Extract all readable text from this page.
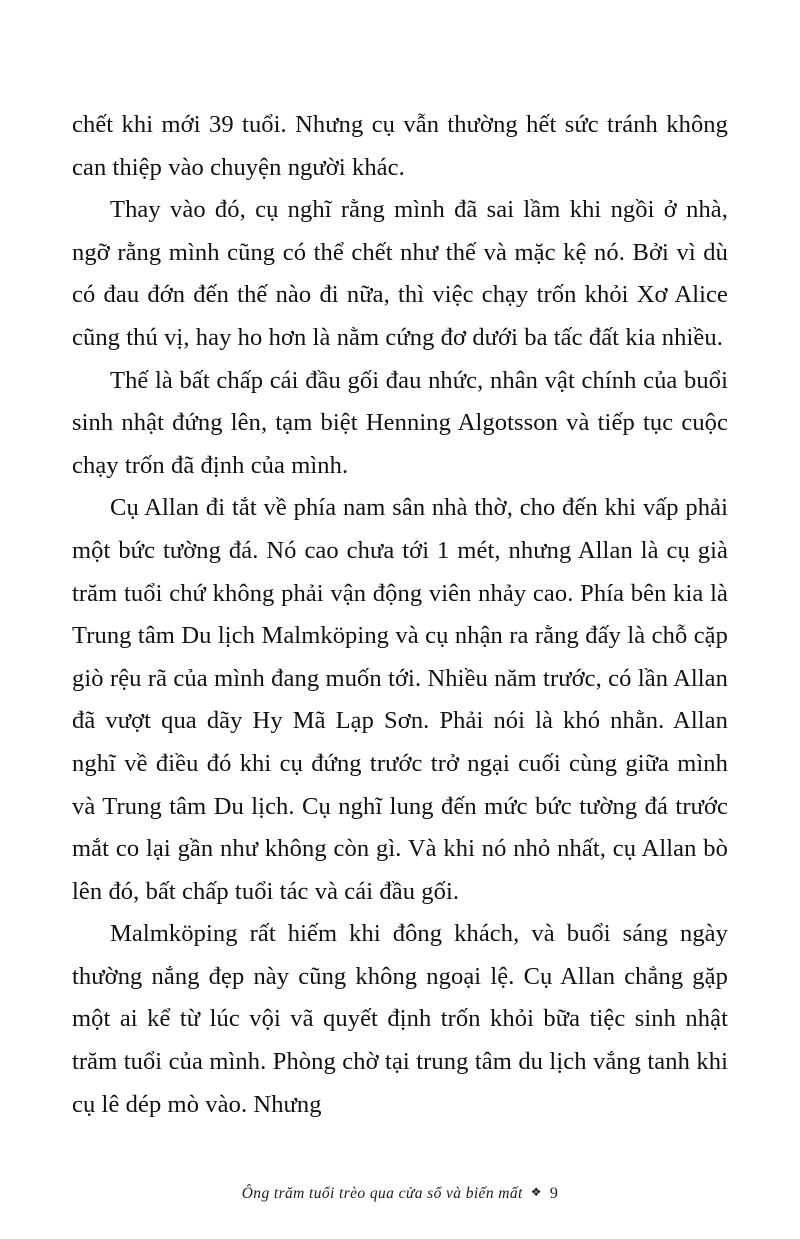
chết khi mới 39 tuổi. Nhưng cụ vẫn thường hết sức tránh không can thiệp vào chuyện người khác.

Thay vào đó, cụ nghĩ rằng mình đã sai lầm khi ngồi ở nhà, ngỡ rằng mình cũng có thể chết như thế và mặc kệ nó. Bởi vì dù có đau đớn đến thế nào đi nữa, thì việc chạy trốn khỏi Xơ Alice cũng thú vị, hay ho hơn là nằm cứng đơ dưới ba tấc đất kia nhiều.

Thế là bất chấp cái đầu gối đau nhức, nhân vật chính của buổi sinh nhật đứng lên, tạm biệt Henning Algotsson và tiếp tục cuộc chạy trốn đã định của mình.

Cụ Allan đi tắt về phía nam sân nhà thờ, cho đến khi vấp phải một bức tường đá. Nó cao chưa tới 1 mét, nhưng Allan là cụ già trăm tuổi chứ không phải vận động viên nhảy cao. Phía bên kia là Trung tâm Du lịch Malmköping và cụ nhận ra rằng đấy là chỗ cặp giò rệu rã của mình đang muốn tới. Nhiều năm trước, có lần Allan đã vượt qua dãy Hy Mã Lạp Sơn. Phải nói là khó nhằn. Allan nghĩ về điều đó khi cụ đứng trước trở ngại cuối cùng giữa mình và Trung tâm Du lịch. Cụ nghĩ lung đến mức bức tường đá trước mắt co lại gần như không còn gì. Và khi nó nhỏ nhất, cụ Allan bò lên đó, bất chấp tuổi tác và cái đầu gối.

Malmköping rất hiếm khi đông khách, và buổi sáng ngày thường nắng đẹp này cũng không ngoại lệ. Cụ Allan chẳng gặp một ai kể từ lúc vội vã quyết định trốn khỏi bữa tiệc sinh nhật trăm tuổi của mình. Phòng chờ tại trung tâm du lịch vắng tanh khi cụ lê dép mò vào. Nhưng

Ông trăm tuổi trèo qua cửa sổ và biến mất ❖ 9
